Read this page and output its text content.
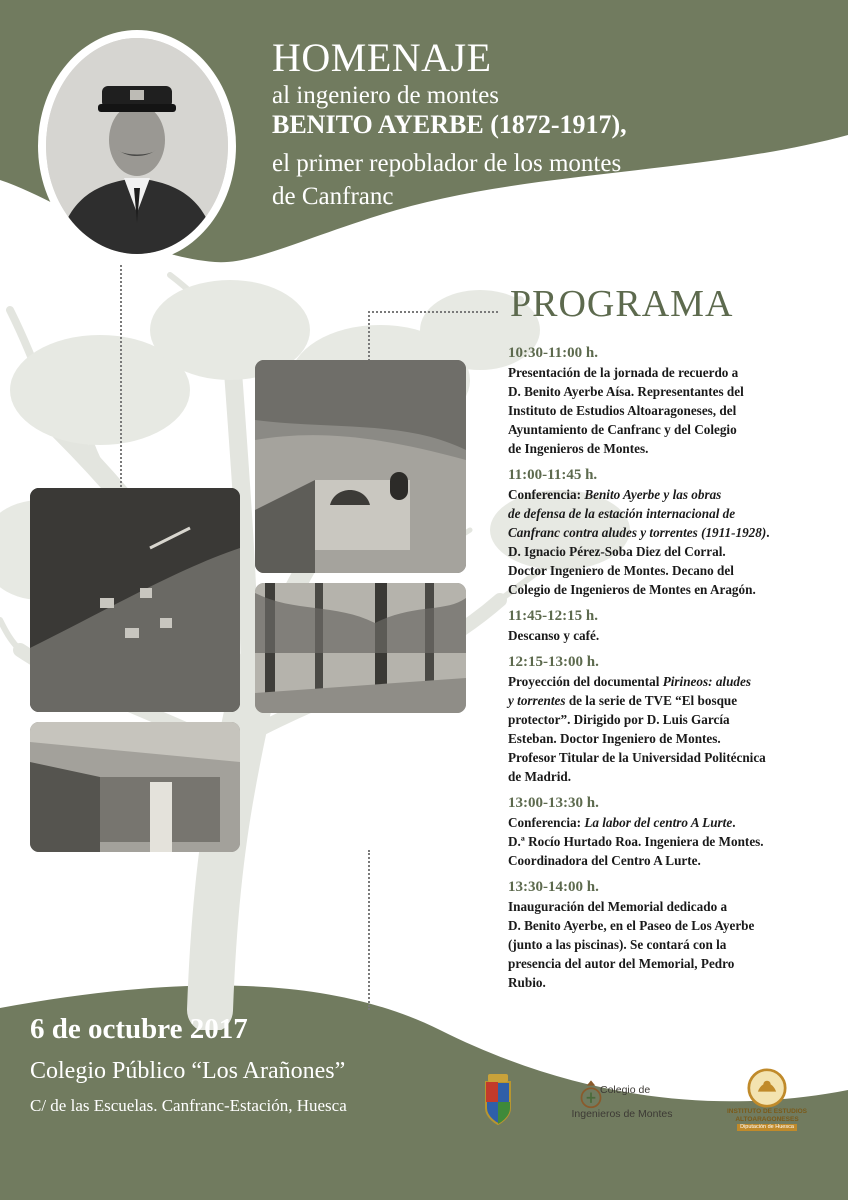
HOMENAJE
al ingeniero de montes
BENITO AYERBE (1872-1917),
el primer repoblador de los montes
de Canfranc
PROGRAMA
10:30-11:00 h.
Presentación de la jornada de recuerdo a
D. Benito Ayerbe Aísa. Representantes del
Instituto de Estudios Altoaragoneses, del
Ayuntamiento de Canfranc y del Colegio
de Ingenieros de Montes.
11:00-11:45 h.
Conferencia: Benito Ayerbe y las obras
de defensa de la estación internacional de
Canfranc contra aludes y torrentes (1911-1928).
D. Ignacio Pérez-Soba Diez del Corral.
Doctor Ingeniero de Montes. Decano del
Colegio de Ingenieros de Montes en Aragón.
11:45-12:15 h.
Descanso y café.
12:15-13:00 h.
Proyección del documental Pirineos: aludes
y torrentes de la serie de TVE “El bosque
protector”. Dirigido por D. Luis García
Esteban. Doctor Ingeniero de Montes.
Profesor Titular de la Universidad Politécnica
de Madrid.
13:00-13:30 h.
Conferencia: La labor del centro A Lurte.
D.ª Rocío Hurtado Roa. Ingeniera de Montes.
Coordinadora del Centro A Lurte.
13:30-14:00 h.
Inauguración del Memorial dedicado a
D. Benito Ayerbe, en el Paseo de Los Ayerbe
(junto a las piscinas). Se contará con la
presencia del autor del Memorial, Pedro
Rubio.
6 de octubre 2017
Colegio Público “Los Arañones”
C/ de las Escuelas. Canfranc-Estación, Huesca
Colegio de
Ingenieros de Montes	INSTITUTO DE ESTUDIOS
ALTOARAGONESES
Diputación de Huesca
